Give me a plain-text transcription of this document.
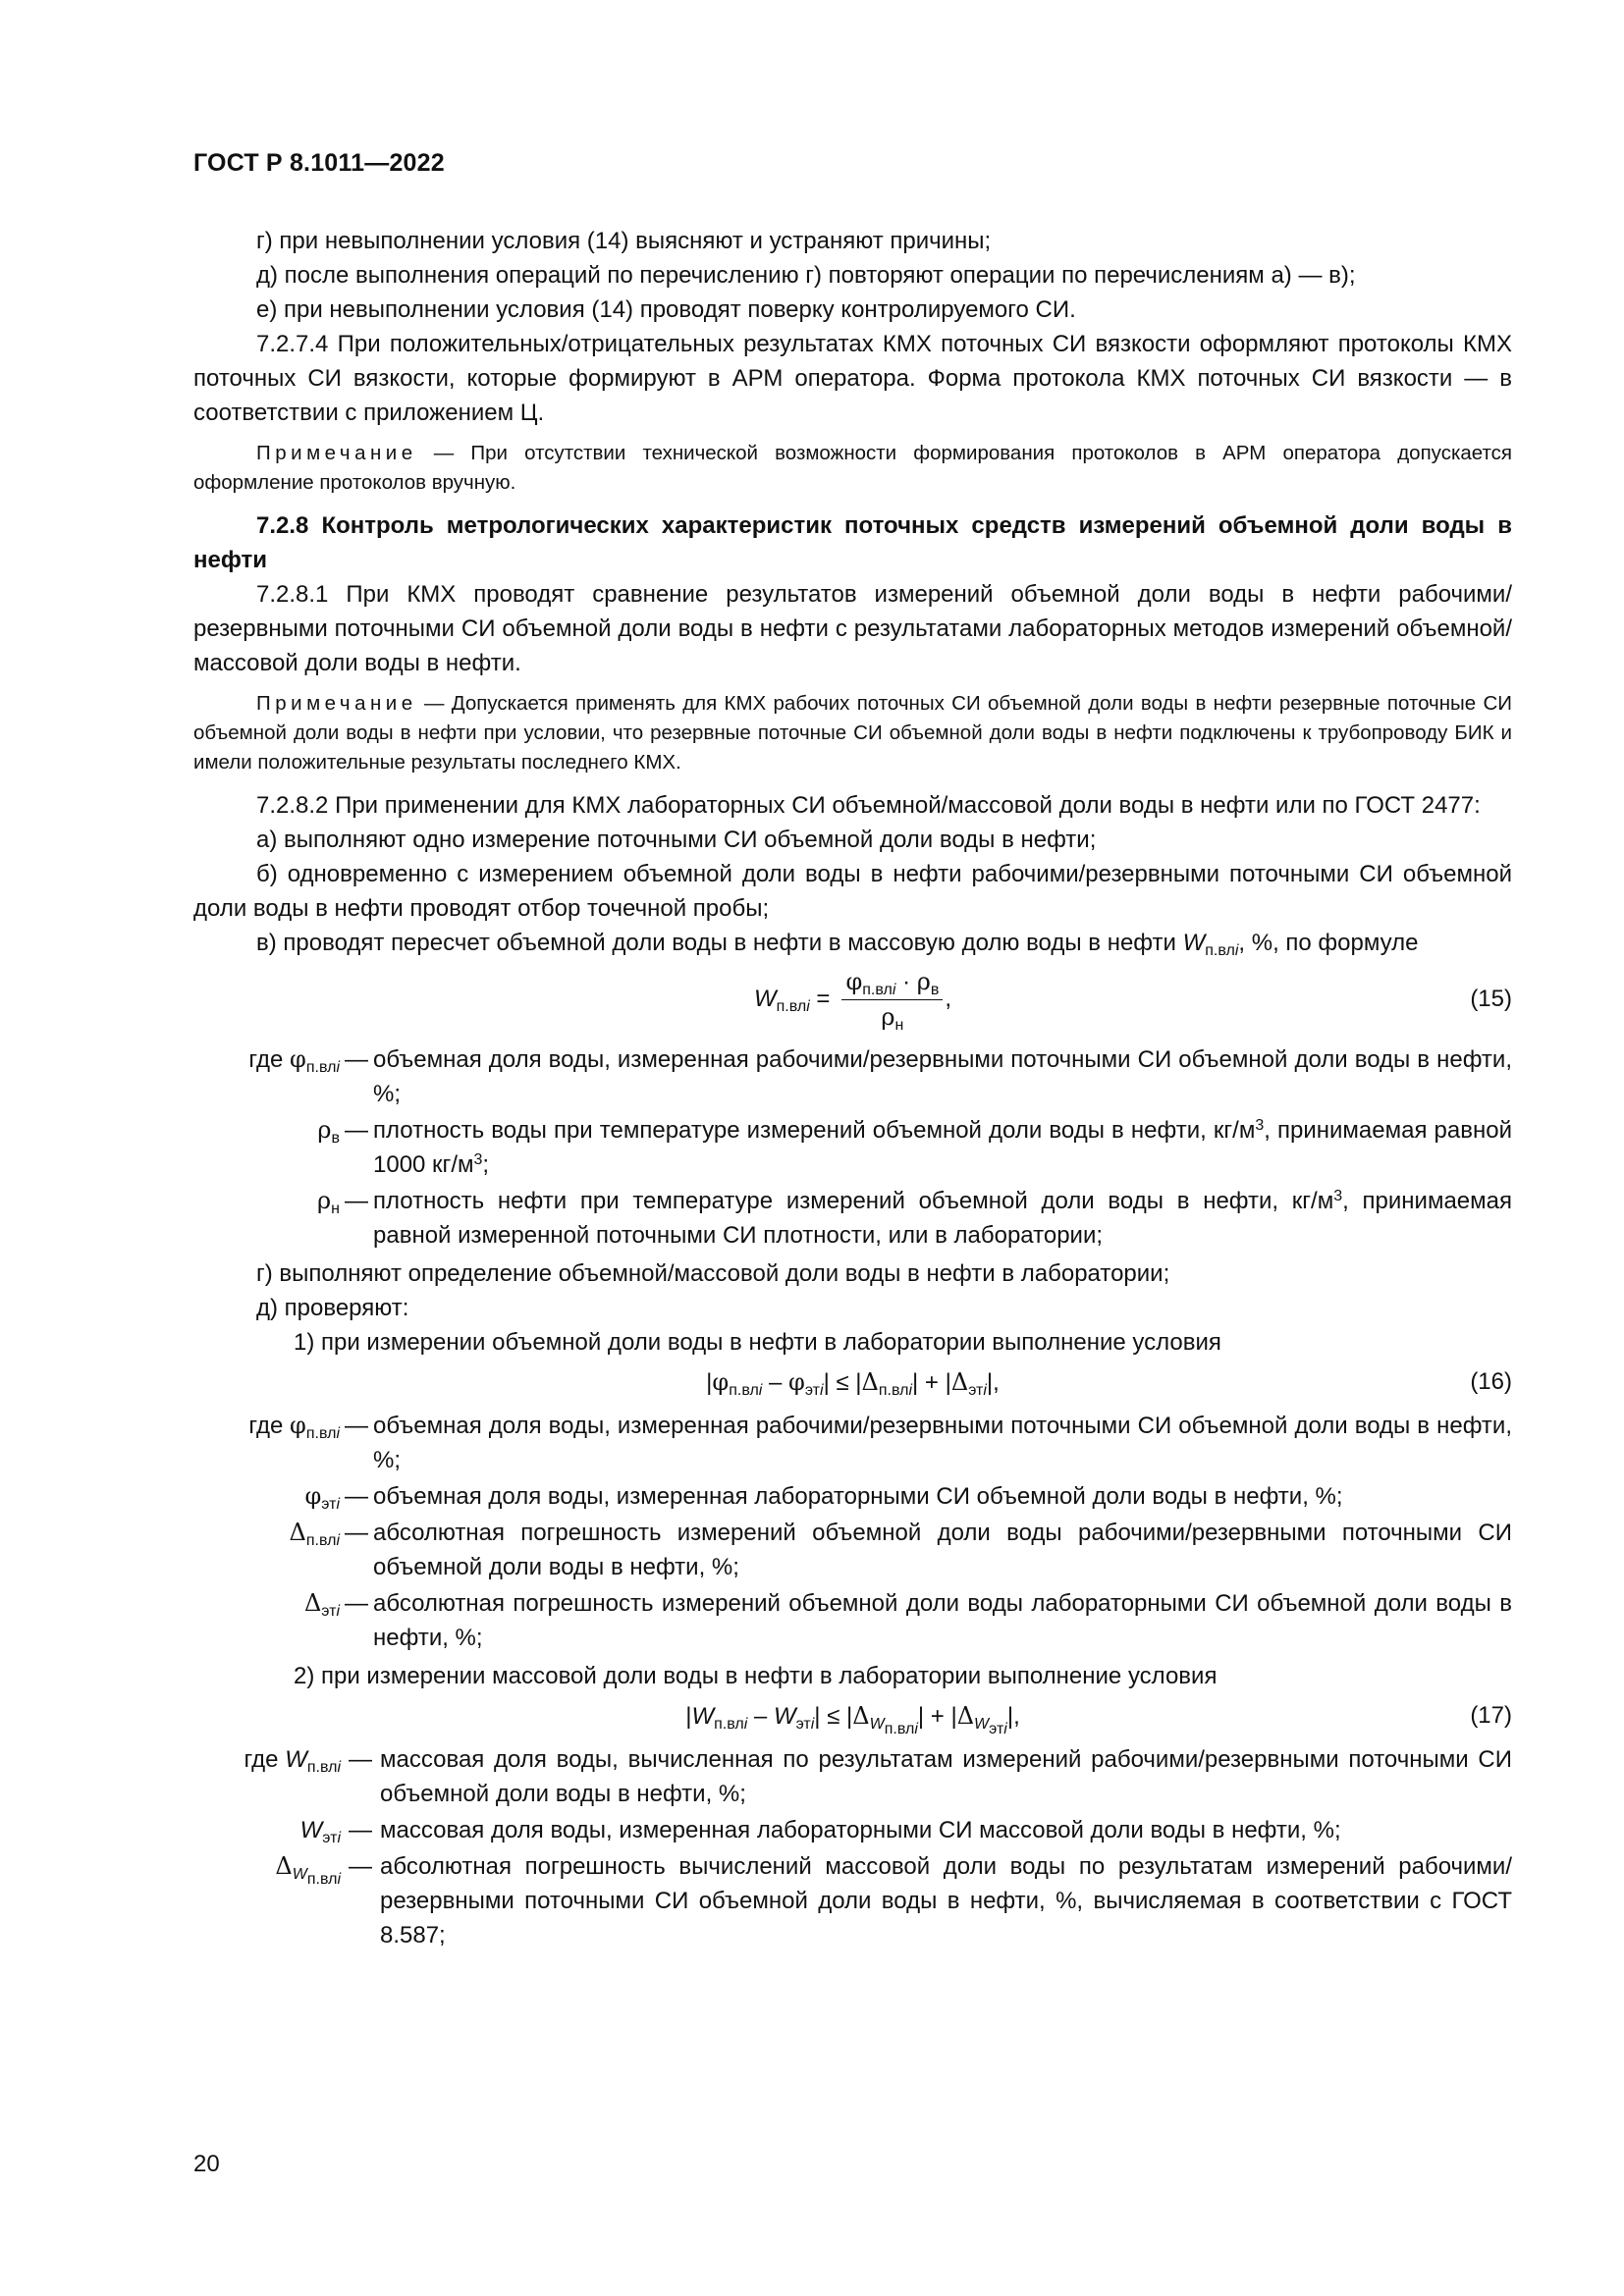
ГОСТ Р 8.1011—2022

г) при невыполнении условия (14) выясняют и устраняют причины;

д) после выполнения операций по перечислению г) повторяют операции по перечислениям а) — в);

е) при невыполнении условия (14) проводят поверку контролируемого СИ.

7.2.7.4 При положительных/отрицательных результатах КМХ поточных СИ вязкости оформляют протоколы КМХ поточных СИ вязкости, которые формируют в АРМ оператора. Форма протокола КМХ поточных СИ вязкости — в соответствии с приложением Ц.

Примечание — При отсутствии технической возможности формирования протоколов в АРМ оператора допускается оформление протоколов вручную.

7.2.8 Контроль метрологических характеристик поточных средств измерений объемной доли воды в нефти

7.2.8.1 При КМХ проводят сравнение результатов измерений объемной доли воды в нефти рабочими/резервными поточными СИ объемной доли воды в нефти с результатами лабораторных методов измерений объемной/массовой доли воды в нефти.

Примечание — Допускается применять для КМХ рабочих поточных СИ объемной доли воды в нефти резервные поточные СИ объемной доли воды в нефти при условии, что резервные поточные СИ объемной доли воды в нефти подключены к трубопроводу БИК и имели положительные результаты последнего КМХ.

7.2.8.2 При применении для КМХ лабораторных СИ объемной/массовой доли воды в нефти или по ГОСТ 2477:

а) выполняют одно измерение поточными СИ объемной доли воды в нефти;

б) одновременно с измерением объемной доли воды в нефти рабочими/резервными поточными СИ объемной доли воды в нефти проводят отбор точечной пробы;

в) проводят пересчет объемной доли воды в нефти в массовую долю воды в нефти $W_{п.влi}$, %, по формуле

$W_{п.влi} = \frac{\varphi_{п.влi} \cdot \rho_в}{\rho_н}$ ,	(15)
где $\varphi_{п.влi}$ — объемная доля воды, измеренная рабочими/резервными поточными СИ объемной доли воды в нефти, %;
$\rho_в$ — плотность воды при температуре измерений объемной доли воды в нефти, $кг/м^3$, принимаемая равной 1000 $кг/м^3$;
$\rho_н$ — плотность нефти при температуре измерений объемной доли воды в нефти, $кг/м^3$, принимаемая равной измеренной поточными СИ плотности, или в лаборатории;

г) выполняют определение объемной/массовой доли воды в нефти в лаборатории;

д) проверяют:

1) при измерении объемной доли воды в нефти в лаборатории выполнение условия

$|\varphi_{п.влi} - \varphi_{этi}| \le |\Delta_{п.влi}| + |\Delta_{этi}|$,	(16)
где $\varphi_{п.влi}$ — объемная доля воды, измеренная рабочими/резервными поточными СИ объемной доли воды в нефти, %;
$\varphi_{этi}$ — объемная доля воды, измеренная лабораторными СИ объемной доли воды в нефти, %;
$\Delta_{п.влi}$ — абсолютная погрешность измерений объемной доли воды рабочими/резервными поточными СИ объемной доли воды в нефти, %;
$\Delta_{этi}$ — абсолютная погрешность измерений объемной доли воды лабораторными СИ объемной доли воды в нефти, %;

2) при измерении массовой доли воды в нефти в лаборатории выполнение условия

$|W_{п.влi} - W_{этi}| \le |\Delta_{W_{п.влi}}| + |\Delta_{W_{этi}}|$,	(17)
где $W_{п.влi}$ — массовая доля воды, вычисленная по результатам измерений рабочими/резервными поточными СИ объемной доли воды в нефти, %;
$W_{этi}$ — массовая доля воды, измеренная лабораторными СИ массовой доли воды в нефти, %;
$\Delta_{W_{п.влi}}$ — абсолютная погрешность вычислений массовой доли воды по результатам измерений рабочими/резервными поточными СИ объемной доли воды в нефти, %, вычисляемая в соответствии с ГОСТ 8.587;
20
